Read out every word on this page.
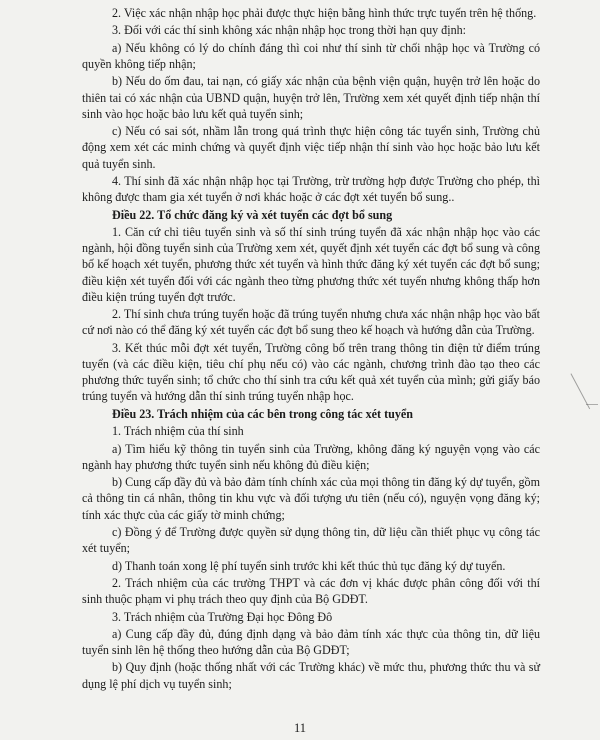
2. Việc xác nhận nhập học phải được thực hiện bằng hình thức trực tuyến trên hệ thống.

3. Đối với các thí sinh không xác nhận nhập học trong thời hạn quy định:

a) Nếu không có lý do chính đáng thì coi như thí sinh từ chối nhập học và Trường có quyền không tiếp nhận;

b) Nếu do ốm đau, tai nạn, có giấy xác nhận của bệnh viện quận, huyện trở lên hoặc do thiên tai có xác nhận của UBND quận, huyện trở lên, Trường xem xét quyết định tiếp nhận thí sinh vào học hoặc bảo lưu kết quả tuyển sinh;

c) Nếu có sai sót, nhầm lẫn trong quá trình thực hiện công tác tuyển sinh, Trường chủ động xem xét các minh chứng và quyết định việc tiếp nhận thí sinh vào học hoặc bảo lưu kết quả tuyển sinh.

4. Thí sinh đã xác nhận nhập học tại Trường, trừ trường hợp được Trường cho phép, thì không được tham gia xét tuyển ở nơi khác hoặc ở các đợt xét tuyển bổ sung..

Điều 22. Tổ chức đăng ký và xét tuyển các đợt bổ sung

1. Căn cứ chỉ tiêu tuyển sinh và số thí sinh trúng tuyển đã xác nhận nhập học vào các ngành, hội đồng tuyển sinh của Trường xem xét, quyết định xét tuyển các đợt bổ sung và công bố kế hoạch xét tuyển, phương thức xét tuyển và hình thức đăng ký xét tuyển các đợt bổ sung; điều kiện xét tuyển đối với các ngành theo từng phương thức xét tuyển nhưng không thấp hơn điều kiện trúng tuyển đợt trước.

2. Thí sinh chưa trúng tuyển hoặc đã trúng tuyển nhưng chưa xác nhận nhập học vào bất cứ nơi nào có thể đăng ký xét tuyển các đợt bổ sung theo kế hoạch và hướng dẫn của Trường.

3. Kết thúc mỗi đợt xét tuyển, Trường công bố trên trang thông tin điện tử điểm trúng tuyển (và các điều kiện, tiêu chí phụ nếu có) vào các ngành, chương trình đào tạo theo các phương thức tuyển sinh; tổ chức cho thí sinh tra cứu kết quả xét tuyển của mình; gửi giấy báo trúng tuyển và hướng dẫn thí sinh trúng tuyển nhập học.

Điều 23. Trách nhiệm của các bên trong công tác xét tuyển

1. Trách nhiệm của thí sinh

a) Tìm hiểu kỹ thông tin tuyển sinh của Trường, không đăng ký nguyện vọng vào các ngành hay phương thức tuyển sinh nếu không đủ điều kiện;

b) Cung cấp đầy đủ và bảo đảm tính chính xác của mọi thông tin đăng ký dự tuyển, gồm cả thông tin cá nhân, thông tin khu vực và đối tượng ưu tiên (nếu có), nguyện vọng đăng ký; tính xác thực của các giấy tờ minh chứng;

c) Đồng ý để Trường được quyền sử dụng thông tin, dữ liệu cần thiết phục vụ công tác xét tuyển;

d) Thanh toán xong lệ phí tuyển sinh trước khi kết thúc thủ tục đăng ký dự tuyển.

2. Trách nhiệm của các trường THPT và các đơn vị khác được phân công đối với thí sinh thuộc phạm vi phụ trách theo quy định của Bộ GDĐT.

3. Trách nhiệm của Trường Đại học Đông Đô

a) Cung cấp đầy đủ, đúng định dạng và bảo đảm tính xác thực của thông tin, dữ liệu tuyển sinh lên hệ thống theo hướng dẫn của Bộ GDĐT;

b) Quy định (hoặc thống nhất với các Trường khác) về mức thu, phương thức thu và sử dụng lệ phí dịch vụ tuyển sinh;

11
